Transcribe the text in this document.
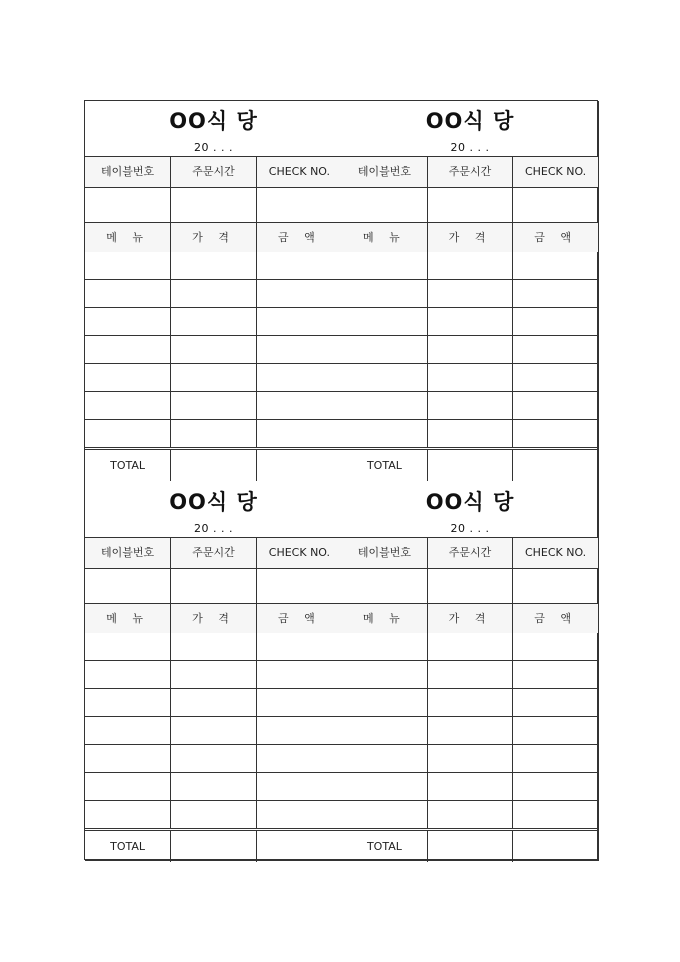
OO식 당
20 . . .
테이블번호	주문시간	CHECK NO.

메 뉴	가 격	금 액

TOTAL		
OO식 당
20 . . .
테이블번호	주문시간	CHECK NO.

메 뉴	가 격	금 액

TOTAL		
OO식 당
20 . . .
테이블번호	주문시간	CHECK NO.

메 뉴	가 격	금 액

TOTAL		
OO식 당
20 . . .
테이블번호	주문시간	CHECK NO.

메 뉴	가 격	금 액

TOTAL		
